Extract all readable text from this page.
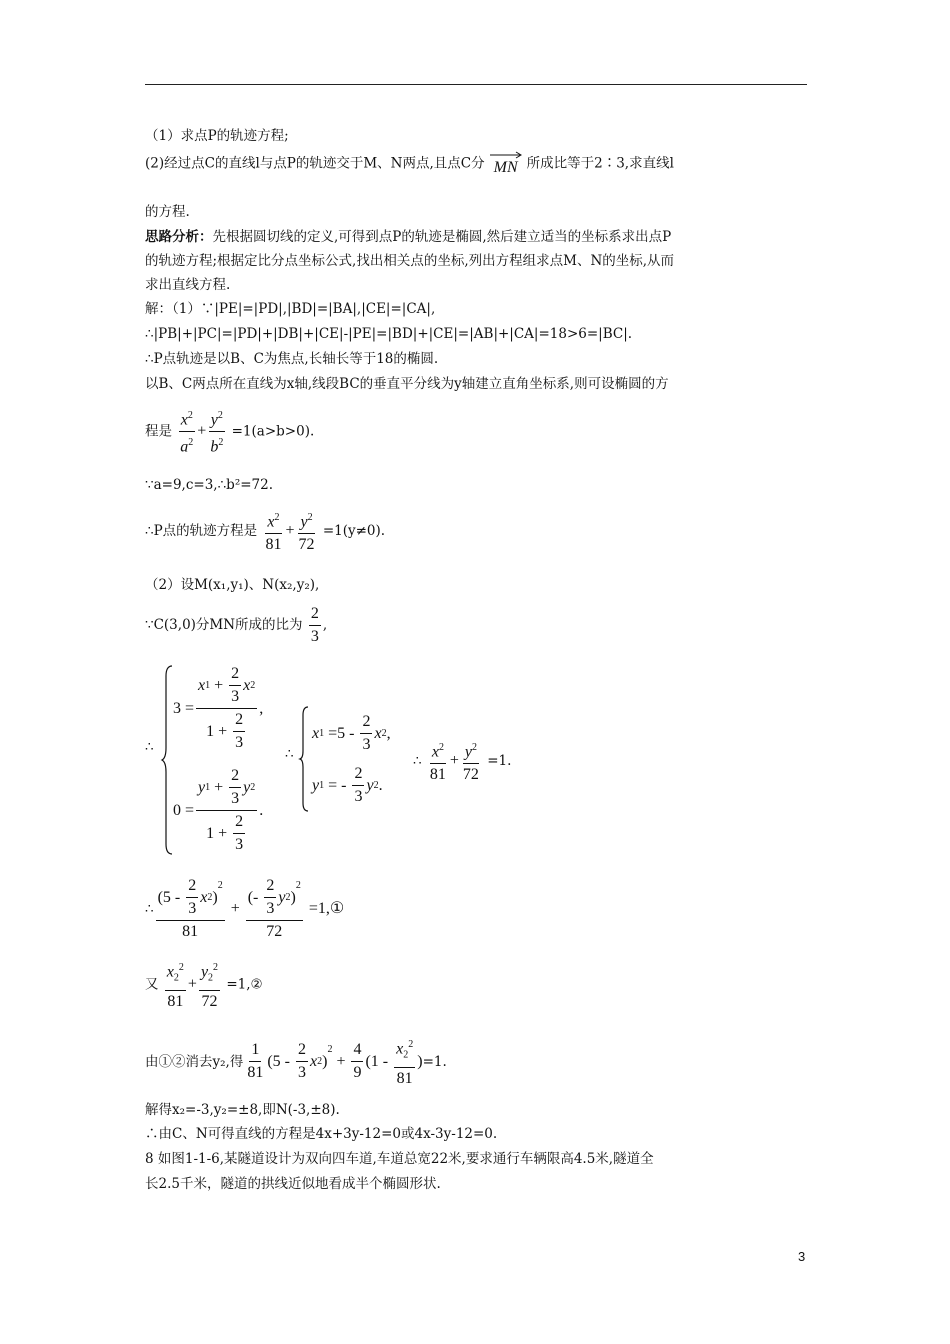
（1）求点P的轨迹方程;
(2)经过点C的直线l与点P的轨迹交于M、N两点,且点C分 MN 所成比等于2∶3,求直线l
的方程.
思路分析：先根据圆切线的定义,可得到点P的轨迹是椭圆,然后建立适当的坐标系求出点P
的轨迹方程;根据定比分点坐标公式,找出相关点的坐标,列出方程组求点M、N的坐标,从而
求出直线方程.
解：（1）∵|PE|=|PD|,|BD|=|BA|,|CE|=|CA|,
∴|PB|+|PC|=|PD|+|DB|+|CE|-|PE|=|BD|+|CE|=|AB|+|CA|=18>6=|BC|.
∴P点轨迹是以B、C为焦点,长轴长等于18的椭圆.
以B、C两点所在直线为x轴,线段BC的垂直平分线为y轴建立直角坐标系,则可设椭圆的方
程是 $\frac{x^2}{a^2} + \frac{y^2}{b^2} =1(a>b>0)$.
∵a=9,c=3,∴b²=72.
∴P点的轨迹方程是 $\frac{x^2}{81} + \frac{y^2}{72} =1(y\ne 0)$.
（2）设M(x₁,y₁)、N(x₂,y₂),
∵C(3,0)分MN所成的比为 $\frac{2}{3}$ ,
∴
$3 = \frac{x 1 + \frac{2}{3} x 2}{1 + \frac{2}{3}}$ ,
$0 = \frac{y 1 + \frac{2}{3} y 2}{1 + \frac{2}{3}}$ .
∴
x $1 =5 - \frac{2}{3}$ x 2 ,
y 1 = - $\frac{2}{3}$ y 2 .
∴ $\frac{x^2}{81} + \frac{y^2}{72} =1$.
∴ ($5 - \frac{2}{3}$ x 2 )
$^2$
81 + (- $\frac{2}{3}$ y 2 )
$^2$
72
=1,①
又 $\frac{x_2^2}{81} + \frac{y_2^2}{72}$ =1,②
由①②消去y₂,得 $\frac{1}{81} (5 - \frac{2}{3}$ x 2 )
$^2$
+ $\frac{4}{9} (1 - \frac{x_2^2}{81}$ ) =1.
解得x₂=-3,y₂=±8,即N(-3,±8).
∴由C、N可得直线的方程是4x+3y-12=0或4x-3y-12=0.
8 如图1-1-6,某隧道设计为双向四车道,车道总宽22米,要求通行车辆限高4.5米,隧道全
长2.5千米，隧道的拱线近似地看成半个椭圆形状.
3
